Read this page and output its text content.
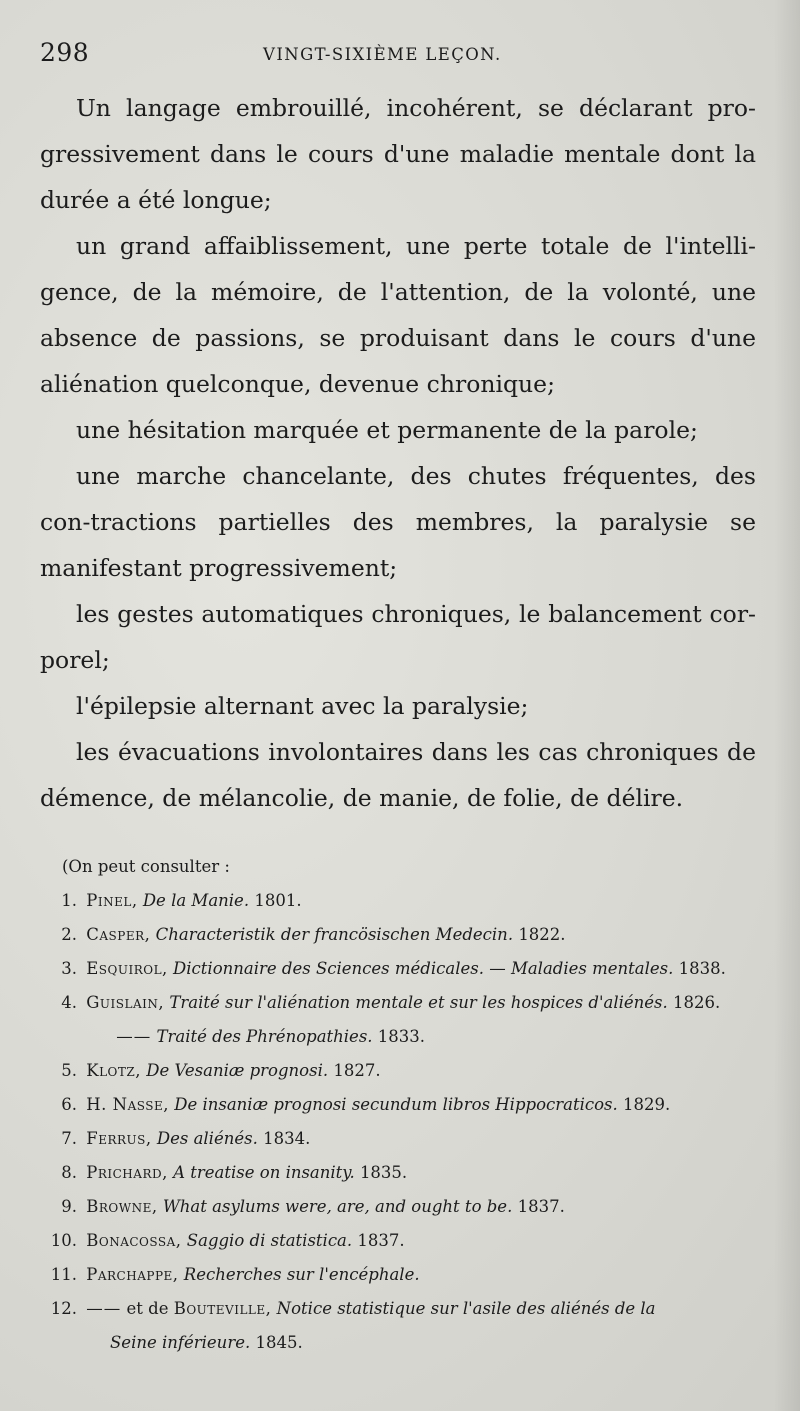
298	VINGT-SIXIÈME LEÇON.

Un langage embrouillé, incohérent, se déclarant pro-gressivement dans le cours d'une maladie mentale dont la durée a été longue;

un grand affaiblissement, une perte totale de l'intelli-gence, de la mémoire, de l'attention, de la volonté, une absence de passions, se produisant dans le cours d'une aliénation quelconque, devenue chronique;

une hésitation marquée et permanente de la parole;

une marche chancelante, des chutes fréquentes, des con-tractions partielles des membres, la paralysie se manifestant progressivement;

les gestes automatiques chroniques, le balancement cor-porel;

l'épilepsie alternant avec la paralysie;

les évacuations involontaires dans les cas chroniques de démence, de mélancolie, de manie, de folie, de délire.

(On peut consulter :
1. Pinel, De la Manie. 1801.
2. Casper, Characteristik der francösischen Medecin. 1822.
3. Esquirol, Dictionnaire des Sciences médicales. — Maladies mentales. 1838.
4. Guislain, Traité sur l'aliénation mentale et sur les hospices d'aliénés. 1826.
—— Traité des Phrénopathies. 1833.
5. Klotz, De Vesaniæ prognosi. 1827.
6. H. Nasse, De insaniæ prognosi secundum libros Hippocraticos. 1829.
7. Ferrus, Des aliénés. 1834.
8. Prichard, A treatise on insanity. 1835.
9. Browne, What asylums were, are, and ought to be. 1837.
10. Bonacossa, Saggio di statistica. 1837.
11. Parchappe, Recherches sur l'encéphale.
12. —— et de Bouteville, Notice statistique sur l'asile des aliénés de la
Seine inférieure. 1845.
